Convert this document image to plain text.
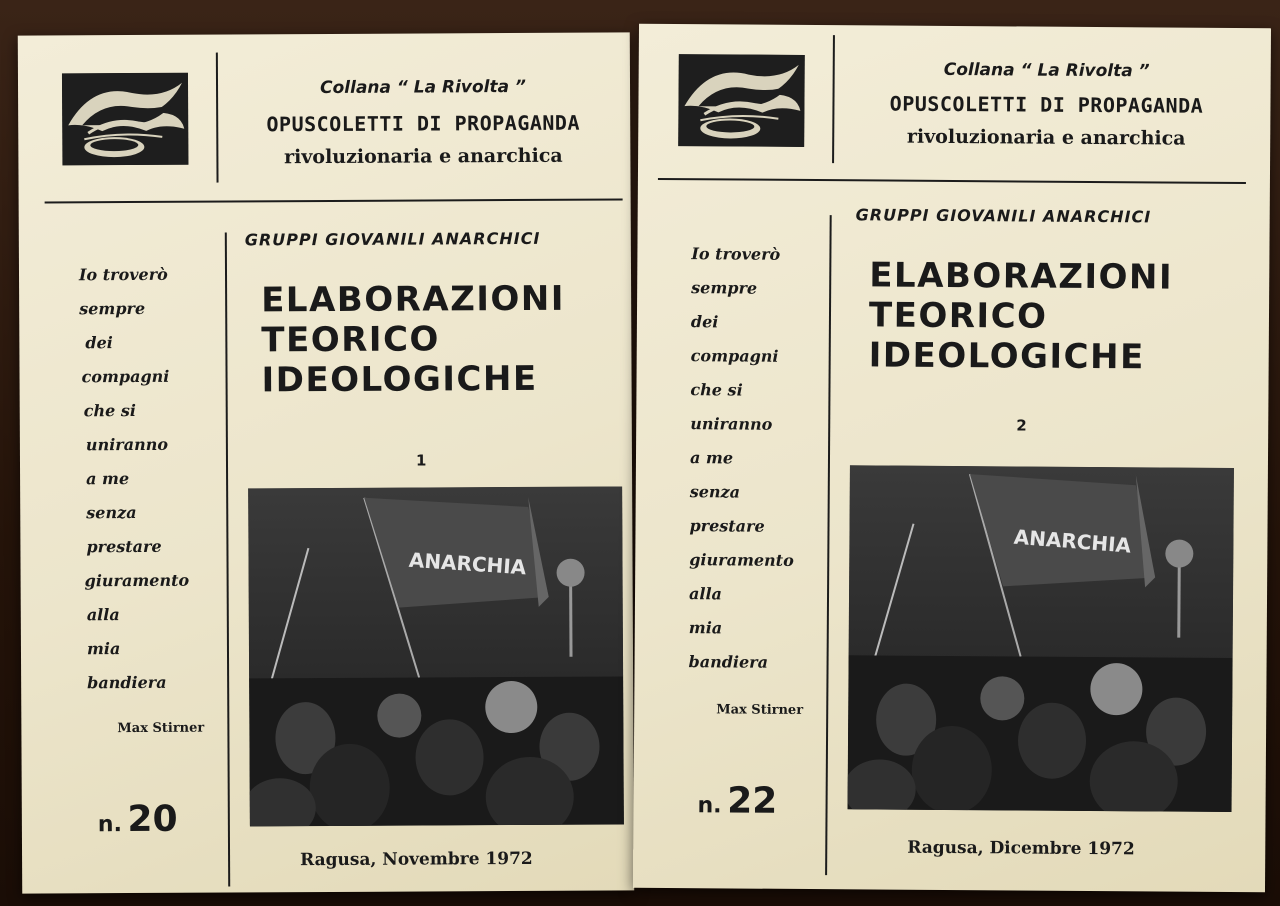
Collana “ La Rivolta ”
OPUSCOLETTI DI PROPAGANDA
rivoluzionaria e anarchica
GRUPPI GIOVANILI ANARCHICI
ELABORAZIONI
TEORICO
IDEOLOGICHE
1
Io troverò
sempre
dei
compagni
che si
uniranno
a me
senza
prestare
giuramento
alla
mia
bandiera
Max Stirner
n. 20
ANARCHIA
Ragusa, Novembre 1972
Collana “ La Rivolta ”
OPUSCOLETTI DI PROPAGANDA
rivoluzionaria e anarchica
GRUPPI GIOVANILI ANARCHICI
ELABORAZIONI
TEORICO
IDEOLOGICHE
2
Io troverò
sempre
dei
compagni
che si
uniranno
a me
senza
prestare
giuramento
alla
mia
bandiera
Max Stirner
n. 22
ANARCHIA
Ragusa, Dicembre 1972
